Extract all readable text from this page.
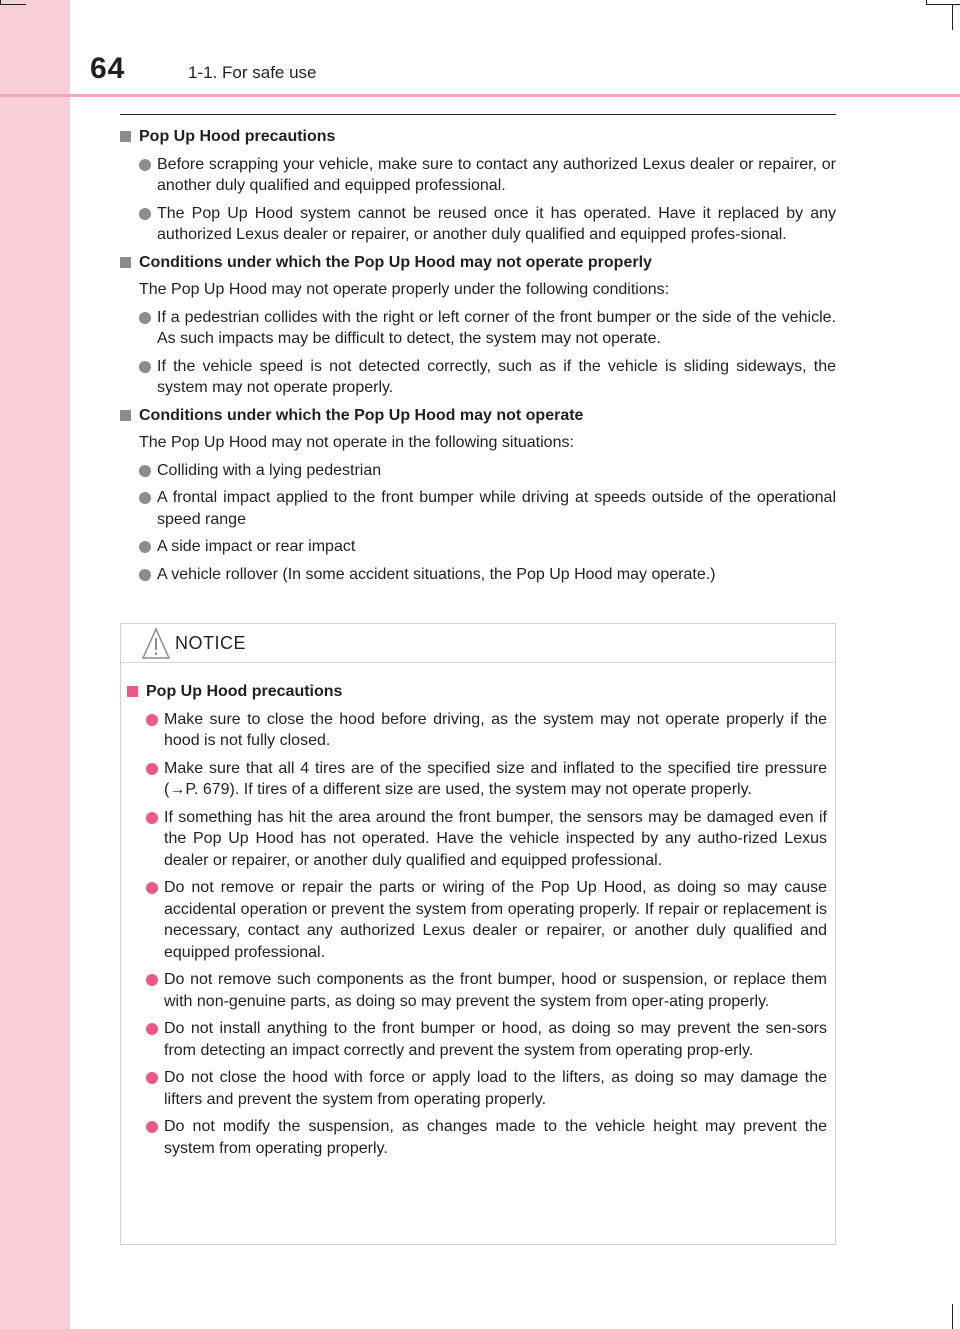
64	1-1. For safe use
Pop Up Hood precautions
Before scrapping your vehicle, make sure to contact any authorized Lexus dealer or repairer, or another duly qualified and equipped professional.
The Pop Up Hood system cannot be reused once it has operated. Have it replaced by any authorized Lexus dealer or repairer, or another duly qualified and equipped profes-sional.
Conditions under which the Pop Up Hood may not operate properly
The Pop Up Hood may not operate properly under the following conditions:
If a pedestrian collides with the right or left corner of the front bumper or the side of the vehicle. As such impacts may be difficult to detect, the system may not operate.
If the vehicle speed is not detected correctly, such as if the vehicle is sliding sideways, the system may not operate properly.
Conditions under which the Pop Up Hood may not operate
The Pop Up Hood may not operate in the following situations:
Colliding with a lying pedestrian
A frontal impact applied to the front bumper while driving at speeds outside of the operational speed range
A side impact or rear impact
A vehicle rollover (In some accident situations, the Pop Up Hood may operate.)
NOTICE
Pop Up Hood precautions
Make sure to close the hood before driving, as the system may not operate properly if the hood is not fully closed.
Make sure that all 4 tires are of the specified size and inflated to the specified tire pressure (→P. 679). If tires of a different size are used, the system may not operate properly.
If something has hit the area around the front bumper, the sensors may be damaged even if the Pop Up Hood has not operated. Have the vehicle inspected by any autho-rized Lexus dealer or repairer, or another duly qualified and equipped professional.
Do not remove or repair the parts or wiring of the Pop Up Hood, as doing so may cause accidental operation or prevent the system from operating properly. If repair or replacement is necessary, contact any authorized Lexus dealer or repairer, or another duly qualified and equipped professional.
Do not remove such components as the front bumper, hood or suspension, or replace them with non-genuine parts, as doing so may prevent the system from oper-ating properly.
Do not install anything to the front bumper or hood, as doing so may prevent the sen-sors from detecting an impact correctly and prevent the system from operating prop-erly.
Do not close the hood with force or apply load to the lifters, as doing so may damage the lifters and prevent the system from operating properly.
Do not modify the suspension, as changes made to the vehicle height may prevent the system from operating properly.
